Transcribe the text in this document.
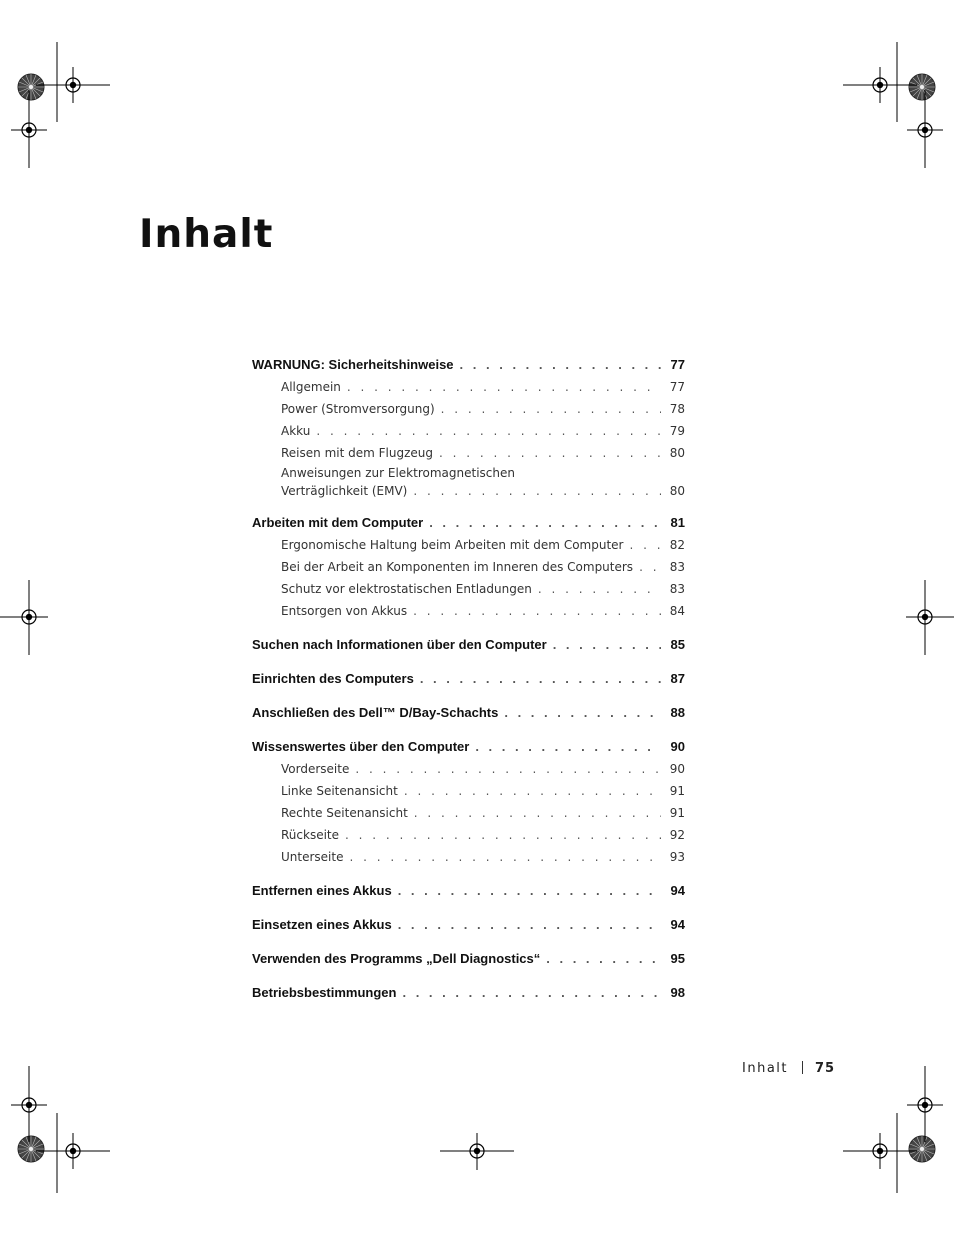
Inhalt
WARNUNG: Sicherheitshinweise . . .	77
Allgemein . . .	77
Power (Stromversorgung) . . .	78
Akku . . .	79
Reisen mit dem Flugzeug . . .	80
Anweisungen zur Elektromagnetischen
Verträglichkeit (EMV) . . .	80
Arbeiten mit dem Computer . . .	81
Ergonomische Haltung beim Arbeiten mit dem Computer . . .	82
Bei der Arbeit an Komponenten im Inneren des Computers . . .	83
Schutz vor elektrostatischen Entladungen . . .	83
Entsorgen von Akkus . . .	84
Suchen nach Informationen über den Computer . . .	85
Einrichten des Computers . . .	87
Anschließen des Dell™ D/Bay-Schachts . . .	88
Wissenswertes über den Computer . . .	90
Vorderseite . . .	90
Linke Seitenansicht . . .	91
Rechte Seitenansicht . . .	91
Rückseite . . .	92
Unterseite . . .	93
Entfernen eines Akkus . . .	94
Einsetzen eines Akkus . . .	94
Verwenden des Programms „Dell Diagnostics“ . . .	95
Betriebsbestimmungen . . .	98
Inhalt 75
